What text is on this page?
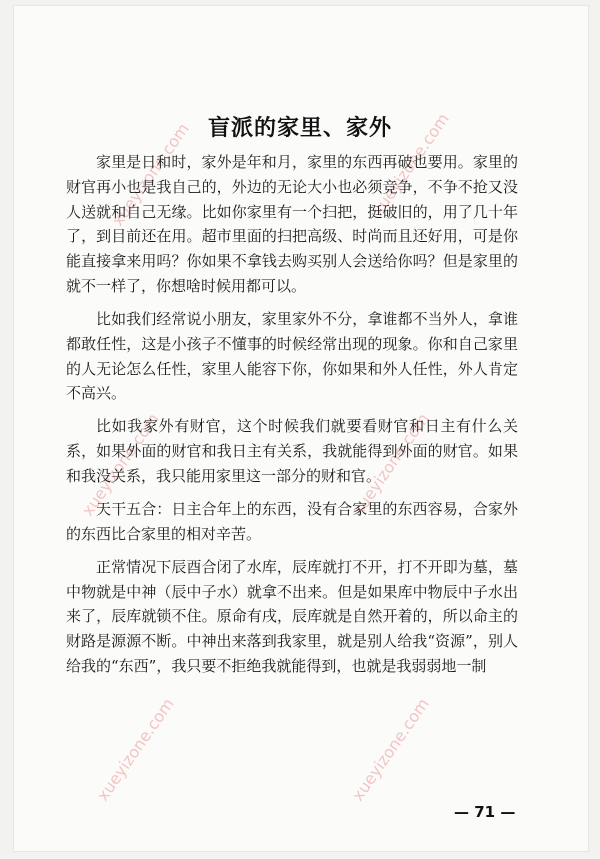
xueyizone.com	xueyizone.com
xueyizone.com	xueyizone.com
xueyizone.com	xueyizone.com
盲派的家里、家外

家里是日和时，家外是年和月，家里的东西再破也要用。家里的财官再小也是我自己的，外边的无论大小也必须竞争，不争不抢又没人送就和自己无缘。比如你家里有一个扫把，挺破旧的，用了几十年了，到目前还在用。超市里面的扫把高级、时尚而且还好用，可是你能直接拿来用吗？你如果不拿钱去购买别人会送给你吗？但是家里的就不一样了，你想啥时候用都可以。

比如我们经常说小朋友，家里家外不分，拿谁都不当外人，拿谁都敢任性，这是小孩子不懂事的时候经常出现的现象。你和自己家里的人无论怎么任性，家里人能容下你，你如果和外人任性，外人肯定不高兴。

比如我家外有财官，这个时候我们就要看财官和日主有什么关系，如果外面的财官和我日主有关系，我就能得到外面的财官。如果和我没关系，我只能用家里这一部分的财和官。

天干五合：日主合年上的东西，没有合家里的东西容易，合家外的东西比合家里的相对辛苦。

正常情况下辰酉合闭了水库，辰库就打不开，打不开即为墓，墓中物就是中神（辰中子水）就拿不出来。但是如果库中物辰中子水出来了，辰库就锁不住。原命有戌，辰库就是自然开着的，所以命主的财路是源源不断。中神出来落到我家里，就是别人给我“资源”，别人给我的“东西”，我只要不拒绝我就能得到，也就是我弱弱地一制

— 71 —
